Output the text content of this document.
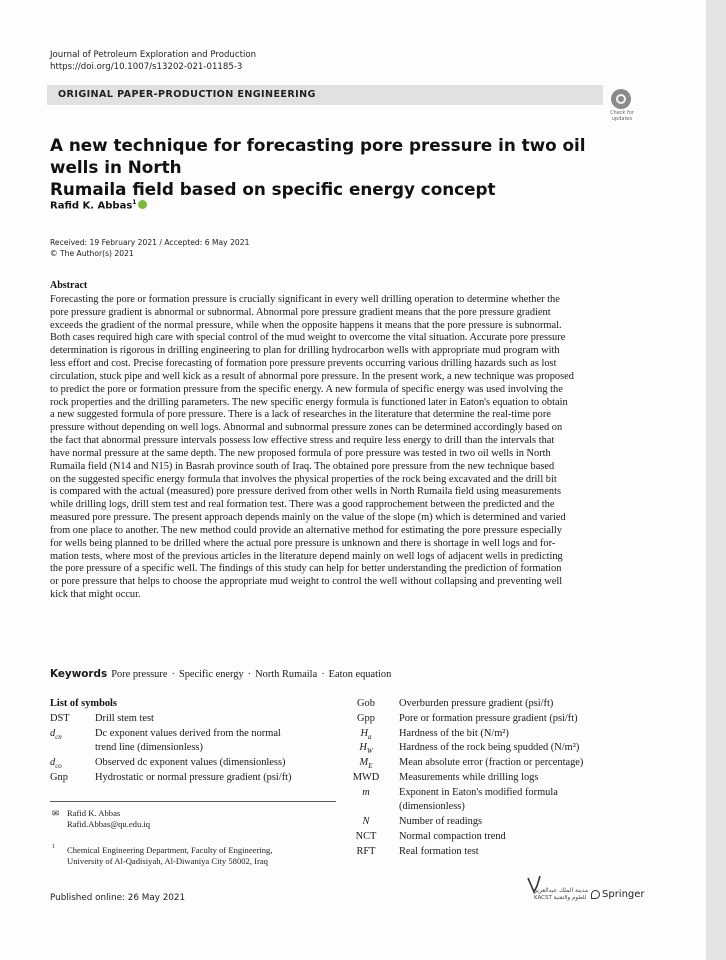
Journal of Petroleum Exploration and Production
https://doi.org/10.1007/s13202-021-01185-3
ORIGINAL PAPER-PRODUCTION ENGINEERING
Check for
updates
A new technique for forecasting pore pressure in two oil wells in North
Rumaila field based on specific energy concept
Rafid K. Abbas$^1$
Received: 19 February 2021 / Accepted: 6 May 2021
© The Author(s) 2021
Abstract
Forecasting the pore or formation pressure is crucially significant in every well drilling operation to determine whether the
pore pressure gradient is abnormal or subnormal. Abnormal pore pressure gradient means that the pore pressure gradient
exceeds the gradient of the normal pressure, while when the opposite happens it means that the pore pressure is subnormal.
Both cases required high care with special control of the mud weight to overcome the vital situation. Accurate pore pressure
determination is rigorous in drilling engineering to plan for drilling hydrocarbon wells with appropriate mud program with
less effort and cost. Precise forecasting of formation pore pressure prevents occurring various drilling hazards such as lost
circulation, stuck pipe and well kick as a result of abnormal pore pressure. In the present work, a new technique was proposed
to predict the pore or formation pressure from the specific energy. A new formula of specific energy was used involving the
rock properties and the drilling parameters. The new specific energy formula is functioned later in Eaton's equation to obtain
a new suggested formula of pore pressure. There is a lack of researches in the literature that determine the real-time pore
pressure without depending on well logs. Abnormal and subnormal pressure zones can be determined accordingly based on
the fact that abnormal pressure intervals possess low effective stress and require less energy to drill than the intervals that
have normal pressure at the same depth. The new proposed formula of pore pressure was tested in two oil wells in North
Rumaila field (N14 and N15) in Basrah province south of Iraq. The obtained pore pressure from the new technique based
on the suggested specific energy formula that involves the physical properties of the rock being excavated and the drill bit
is compared with the actual (measured) pore pressure derived from other wells in North Rumaila field using measurements
while drilling logs, drill stem test and real formation test. There was a good rapprochement between the predicted and the
measured pore pressure. The present approach depends mainly on the value of the slope (m) which is determined and varied
from one place to another. The new method could provide an alternative method for estimating the pore pressure especially
for wells being planned to be drilled where the actual pore pressure is unknown and there is shortage in well logs and for-
mation tests, where most of the previous articles in the literature depend mainly on well logs of adjacent wells in predicting
the pore pressure of a specific well. The findings of this study can help for better understanding the prediction of formation
or pore pressure that helps to choose the appropriate mud weight to control the well without collapsing and preventing well
kick that might occur.
Keywords Pore pressure · Specific energy · North Rumaila · Eaton equation
List of symbols
DST Drill stem test
$d_{cn}$	Dc exponent values derived from the normal
trend line (dimensionless)
$d_{co}$	Observed dc exponent values (dimensionless)
Gnp	Hydrostatic or normal pressure gradient (psi/ft)
Gob	Overburden pressure gradient (psi/ft)
Gpp	Pore or formation pressure gradient (psi/ft)
$H_a$	Hardness of the bit (N/m²)
$H_W$	Hardness of the rock being spudded (N/m²)
$M_E$	Mean absolute error (fraction or percentage)
MWD	Measurements while drilling logs
m	Exponent in Eaton's modified formula
(dimensionless)
N	Number of readings
NCT	Normal compaction trend
RFT	Real formation test
✉ Rafid K. Abbas
Rafid.Abbas@qu.edu.iq
1 Chemical Engineering Department, Faculty of Engineering,
University of Al-Qadisiyah, Al-Diwaniya City 58002, Iraq
Published online: 26 May 2021
مدينة الملك عبدالعزيز
KACST للعلوم والتقنية Springer
